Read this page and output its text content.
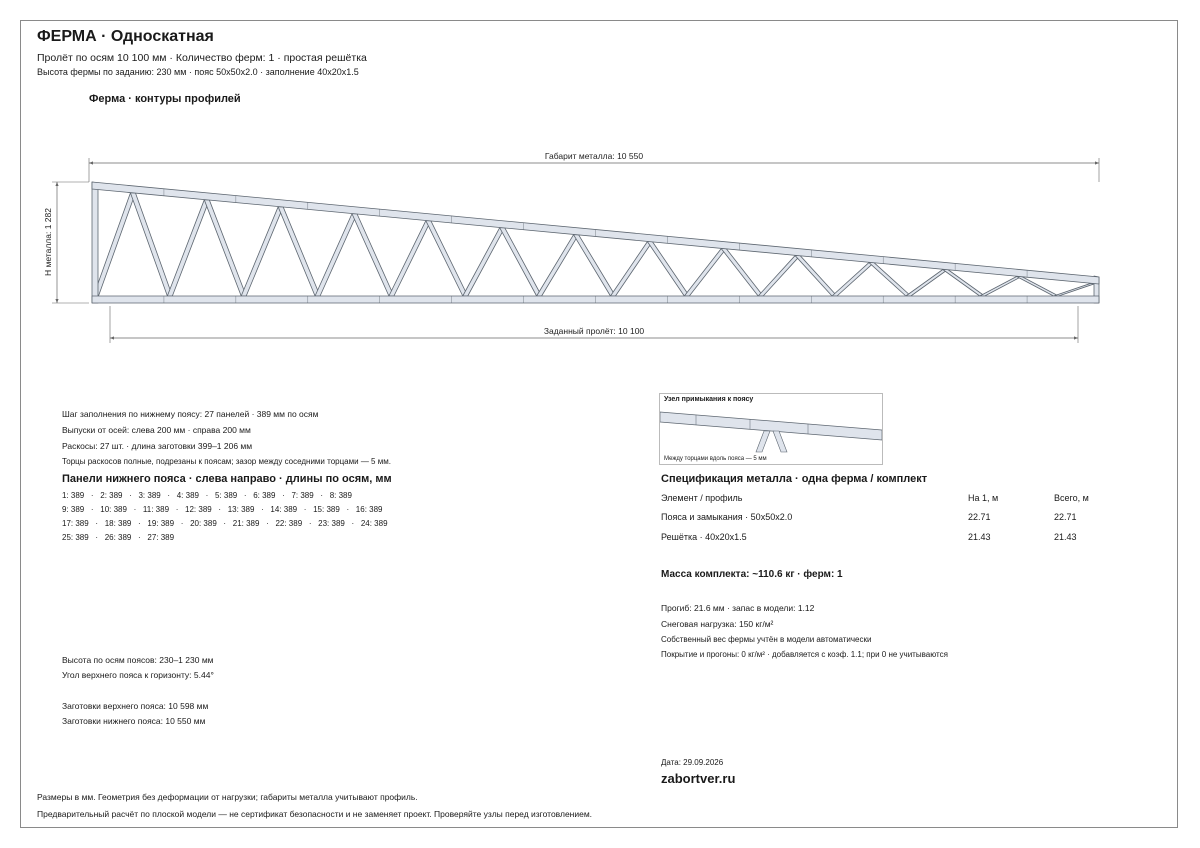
ФЕРМА · Односкатная
Пролёт по осям 10 100 мм · Количество ферм: 1 · простая решётка
Высота фермы по заданию: 230 мм · пояс 50х50х2.0 · заполнение 40х20х1.5
Ферма · контуры профилей
Габарит металла: 10 550
Заданный пролёт: 10 100
H металла: 1 282
Шаг заполнения по нижнему поясу: 27 панелей · 389 мм по осям
Выпуски от осей: слева 200 мм · справа 200 мм
Раскосы: 27 шт. · длина заготовки 399–1 206 мм
Торцы раскосов полные, подрезаны к поясам; зазор между соседними торцами — 5 мм.
Панели нижнего пояса · слева направо · длины по осям, мм
1: 389   ·   2: 389   ·   3: 389   ·   4: 389   ·   5: 389   ·   6: 389   ·   7: 389   ·   8: 389
9: 389   ·   10: 389   ·   11: 389   ·   12: 389   ·   13: 389   ·   14: 389   ·   15: 389   ·   16: 389
17: 389   ·   18: 389   ·   19: 389   ·   20: 389   ·   21: 389   ·   22: 389   ·   23: 389   ·   24: 389
25: 389   ·   26: 389   ·   27: 389
Высота по осям поясов: 230–1 230 мм
Угол верхнего пояса к горизонту: 5.44°
Заготовки верхнего пояса: 10 598 мм
Заготовки нижнего пояса: 10 550 мм
Узел примыкания к поясу
Между торцами вдоль пояса — 5 мм
Спецификация металла · одна ферма / комплект
Элемент / профиль	На 1, м	Всего, м
Пояса и замыкания · 50х50х2.0	22.71	22.71
Решётка · 40х20х1.5	21.43	21.43
Масса комплекта: ~110.6 кг · ферм: 1
Прогиб: 21.6 мм · запас в модели: 1.12
Снеговая нагрузка: 150 кг/м²
Собственный вес фермы учтён в модели автоматически
Покрытие и прогоны: 0 кг/м² · добавляется с коэф. 1.1; при 0 не учитываются
Дата: 29.09.2026
zabortver.ru
Размеры в мм. Геометрия без деформации от нагрузки; габариты металла учитывают профиль.
Предварительный расчёт по плоской модели — не сертификат безопасности и не заменяет проект. Проверяйте узлы перед изготовлением.
